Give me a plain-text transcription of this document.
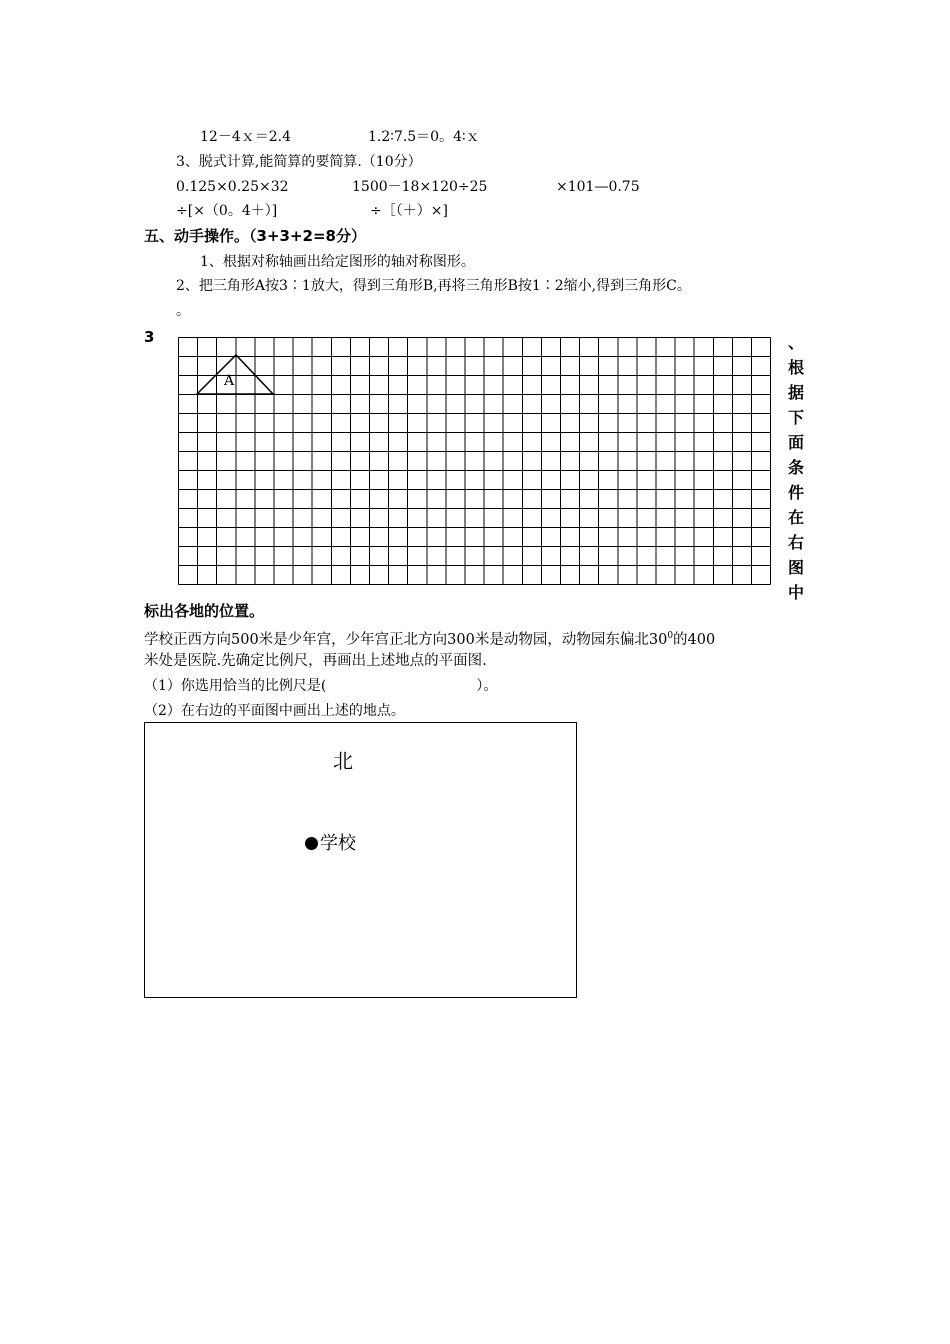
12－4ｘ＝2.4	1.2∶7.5＝0。4∶ｘ
3、脱式计算,能简算的要简算.（10分）
0.125×0.25×32	1500－18×120÷25	×101—0.75
÷[×（0。4＋）]	÷［（＋）×]
五、动手操作。（3+3+2=8分）
1、根据对称轴画出给定图形的轴对称图形。
2、把三角形A按3∶1放大，得到三角形B,再将三角形B按1∶2缩小,得到三角形C。
。
3
A
、
根
据
下
面
条
件
在
右
图
中
标出各地的位置。
学校正西方向500米是少年宫，少年宫正北方向300米是动物园，动物园东偏北$30^0$的400
米处是医院.先确定比例尺，再画出上述地点的平面图.
（1）你选用恰当的比例尺是(	）。
（2）在右边的平面图中画出上述的地点。
北
学校
